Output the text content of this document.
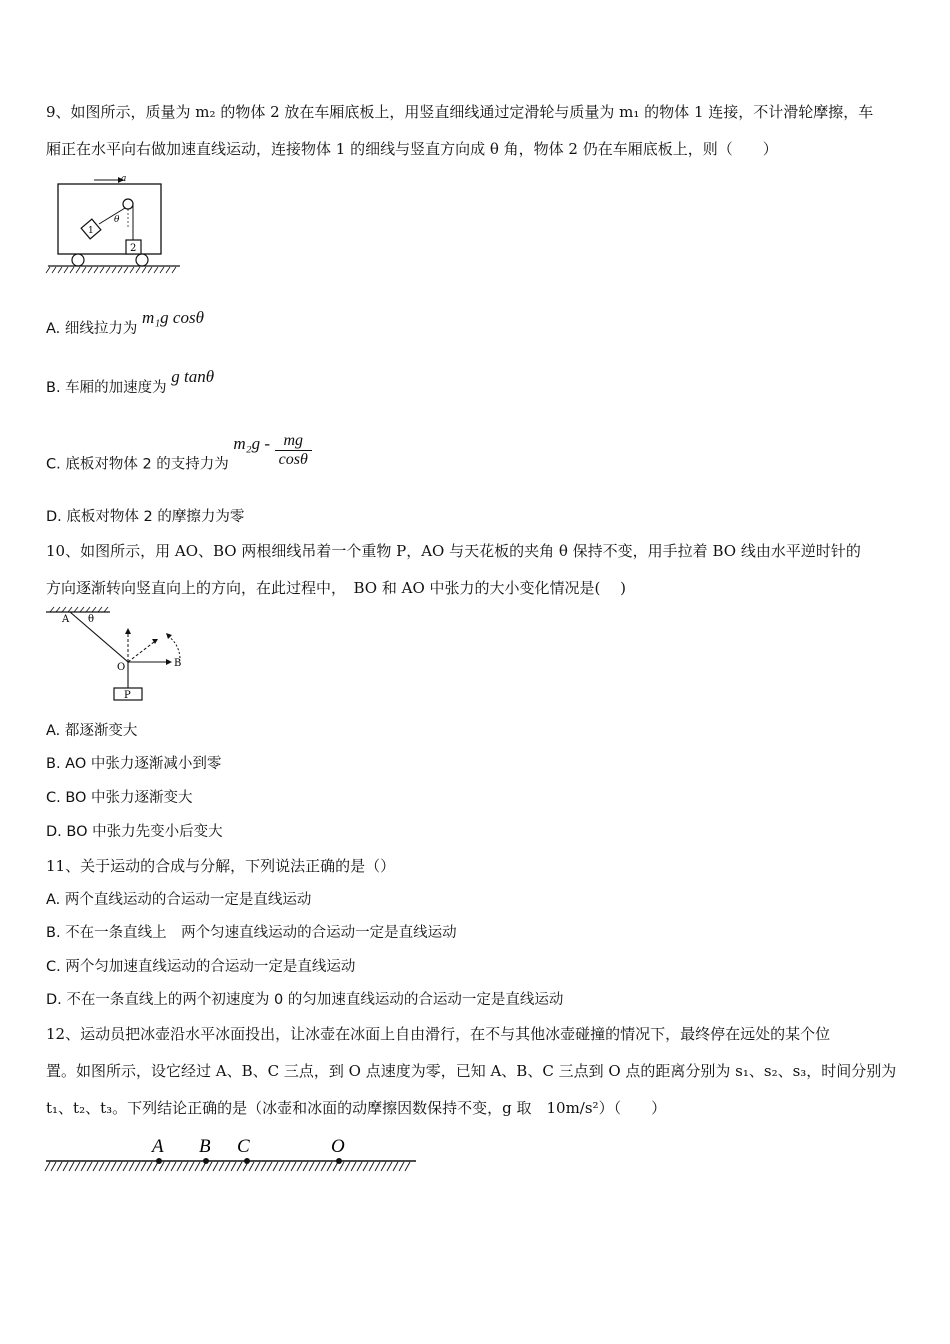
9、如图所示，质量为 m₂ 的物体 2 放在车厢底板上，用竖直细线通过定滑轮与质量为 m₁ 的物体 1 连接，不计滑轮摩擦，车
厢正在水平向右做加速直线运动，连接物体 1 的细线与竖直方向成 θ 角，物体 2 仍在车厢底板上，则（　　）
a
2
θ
1
A. 细线拉力为 m₁g cosθ
B. 车厢的加速度为 g tanθ
C. 底板对物体 2 的支持力为 $m_2g - \frac{mg}{\cos\theta}$
D. 底板对物体 2 的摩擦力为零
10、如图所示，用 AO、BO 两根细线吊着一个重物 P，AO 与天花板的夹角 θ 保持不变，用手拉着 BO 线由水平逆时针的
方向逐渐转向竖直向上的方向，在此过程中，　BO 和 AO 中张力的大小变化情况是(　 )
A θ
O	B
P
A. 都逐渐变大
B. AO 中张力逐渐减小到零
C. BO 中张力逐渐变大
D. BO 中张力先变小后变大
11、关于运动的合成与分解，下列说法正确的是（）
A. 两个直线运动的合运动一定是直线运动
B. 不在一条直线上　两个匀速直线运动的合运动一定是直线运动
C. 两个匀加速直线运动的合运动一定是直线运动
D. 不在一条直线上的两个初速度为 0 的匀加速直线运动的合运动一定是直线运动
12、运动员把冰壶沿水平冰面投出，让冰壶在冰面上自由滑行，在不与其他冰壶碰撞的情况下，最终停在远处的某个位
置。如图所示，设它经过 A、B、C 三点，到 O 点速度为零，已知 A、B、C 三点到 O 点的距离分别为 s₁、s₂、s₃，时间分别为
t₁、t₂、t₃。下列结论正确的是（冰壶和冰面的动摩擦因数保持不变，g 取　10m/s²）（　　）
A B C	O
